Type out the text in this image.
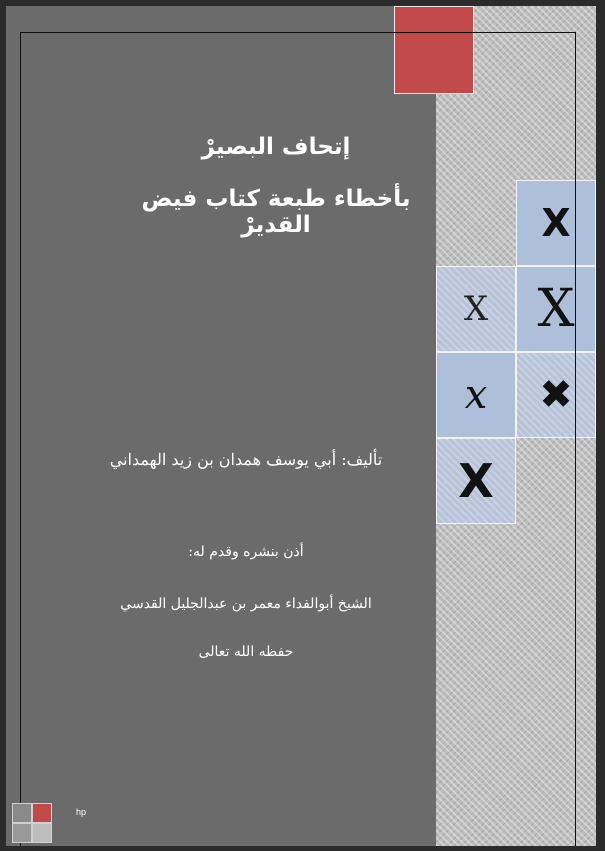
X
X X
x ✖
X
إتحاف البصيرْ
بأخطاء طبعة كتاب فيض القديرْ
تأليف: أبي يوسف همدان بن زيد الهمداني
أذن بنشره وقدم له:
الشيخ أبوالفداء معمر بن عبدالجليل القدسي
حفظه الله تعالى
hp
